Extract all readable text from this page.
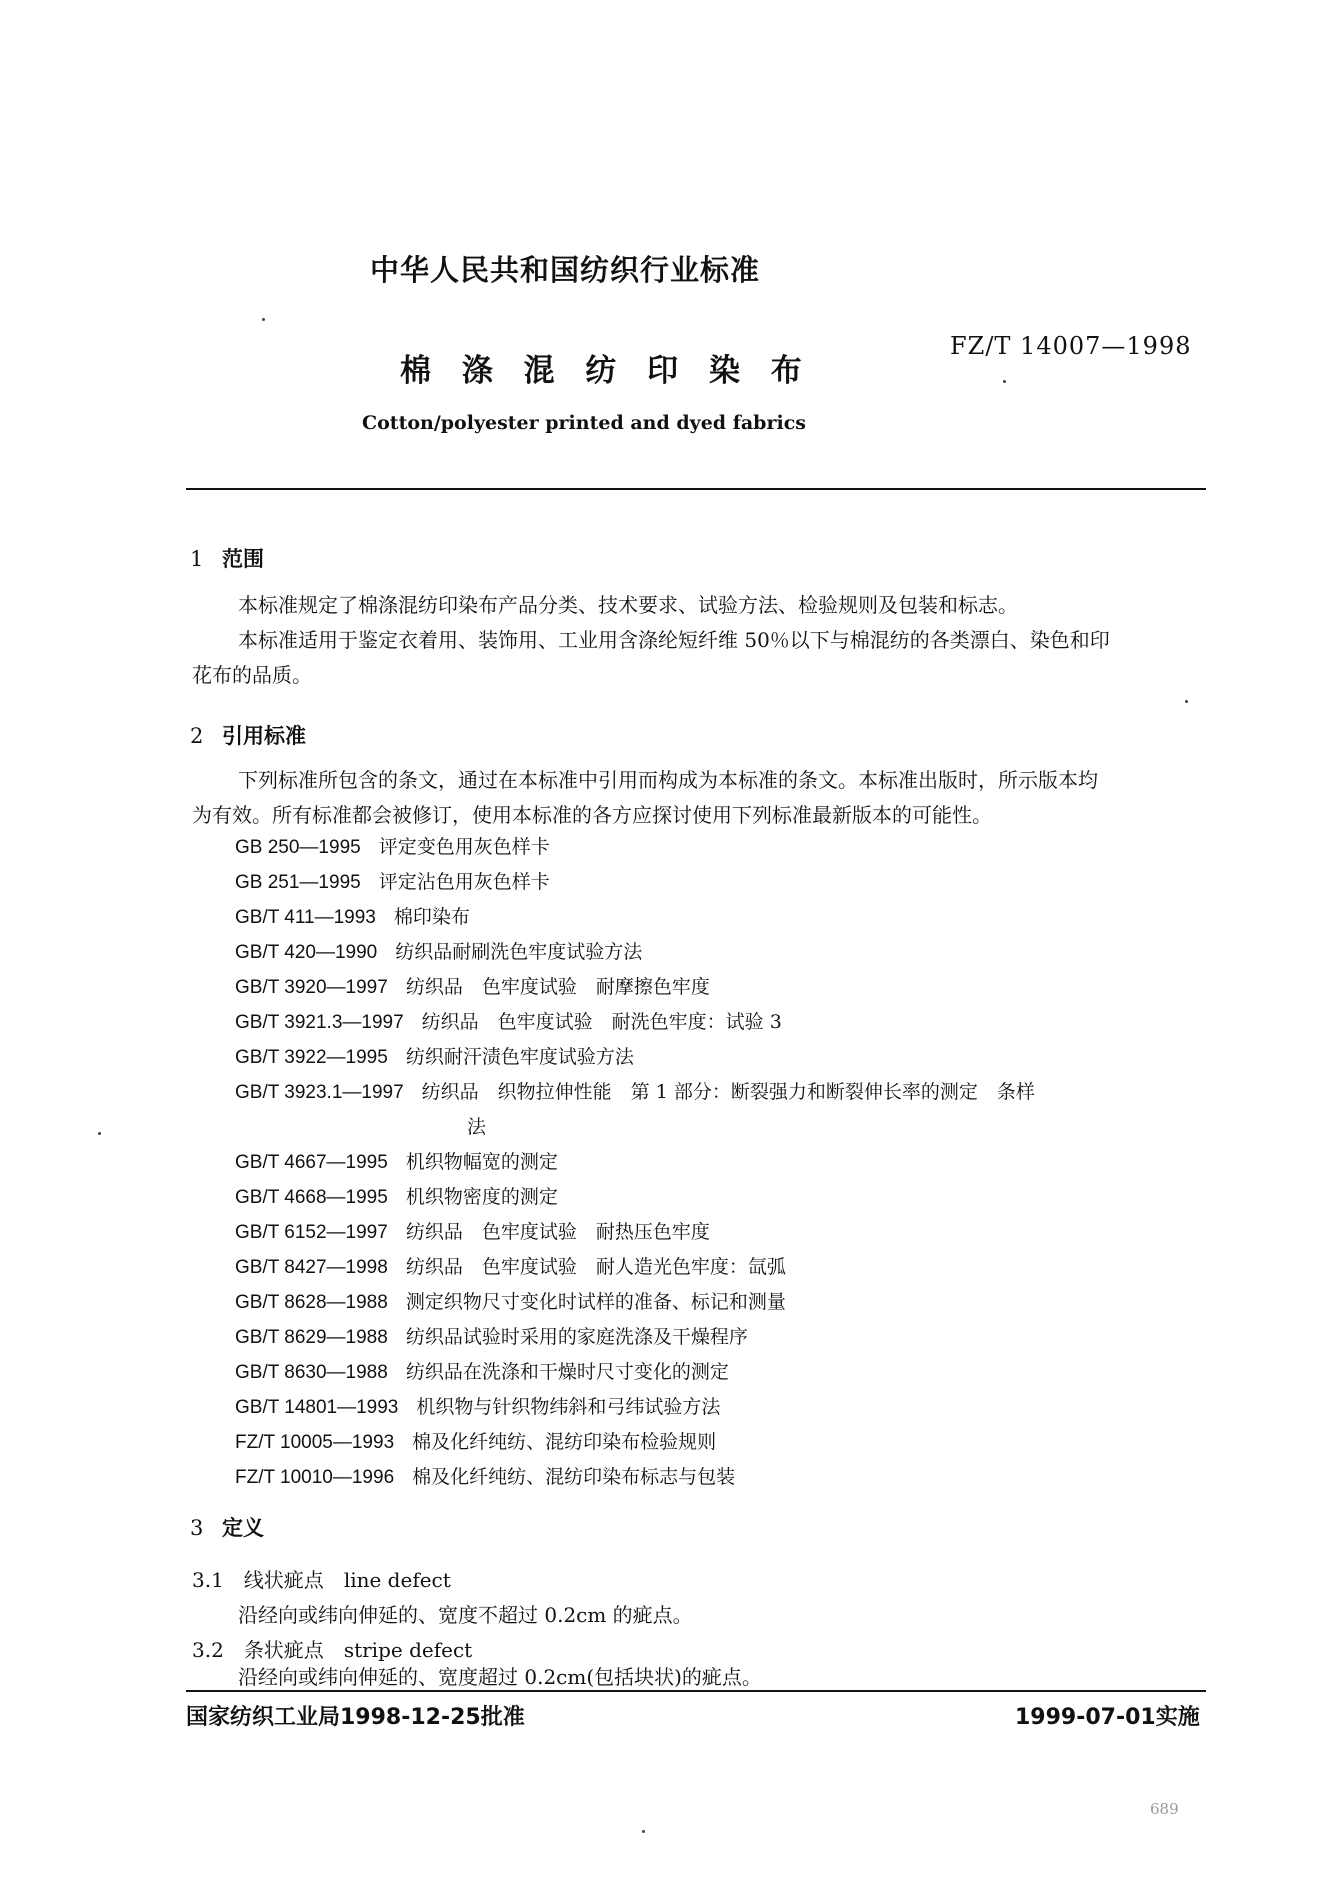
中华人民共和国纺织行业标准
棉 涤 混 纺 印 染 布
FZ/T 14007—1998
Cotton/polyester printed and dyed fabrics
1 范围
本标准规定了棉涤混纺印染布产品分类、技术要求、试验方法、检验规则及包装和标志。
本标准适用于鉴定衣着用、装饰用、工业用含涤纶短纤维 50％以下与棉混纺的各类漂白、染色和印
花布的品质。
2 引用标准
下列标准所包含的条文，通过在本标准中引用而构成为本标准的条文。本标准出版时，所示版本均
为有效。所有标准都会被修订，使用本标准的各方应探讨使用下列标准最新版本的可能性。
GB 250—1995 评定变色用灰色样卡
GB 251—1995 评定沾色用灰色样卡
GB/T 411—1993 棉印染布
GB/T 420—1990 纺织品耐刷洗色牢度试验方法
GB/T 3920—1997 纺织品　色牢度试验　耐摩擦色牢度
GB/T 3921.3—1997 纺织品　色牢度试验　耐洗色牢度：试验 3
GB/T 3922—1995 纺织耐汗渍色牢度试验方法
GB/T 3923.1—1997 纺织品　织物拉伸性能　第 1 部分：断裂强力和断裂伸长率的测定　条样
法
GB/T 4667—1995 机织物幅宽的测定
GB/T 4668—1995 机织物密度的测定
GB/T 6152—1997 纺织品　色牢度试验　耐热压色牢度
GB/T 8427—1998 纺织品　色牢度试验　耐人造光色牢度：氙弧
GB/T 8628—1988 测定织物尺寸变化时试样的准备、标记和测量
GB/T 8629—1988 纺织品试验时采用的家庭洗涤及干燥程序
GB/T 8630—1988 纺织品在洗涤和干燥时尺寸变化的测定
GB/T 14801—1993 机织物与针织物纬斜和弓纬试验方法
FZ/T 10005—1993 棉及化纤纯纺、混纺印染布检验规则
FZ/T 10010—1996 棉及化纤纯纺、混纺印染布标志与包装
3 定义
3.1　 线状疵点　 line defect
沿经向或纬向伸延的、宽度不超过 0.2cm 的疵点。
3.2　 条状疵点　 stripe defect
沿经向或纬向伸延的、宽度超过 0.2cm(包括块状)的疵点。
国家纺织工业局1998-12-25批准	1999-07-01实施
689
